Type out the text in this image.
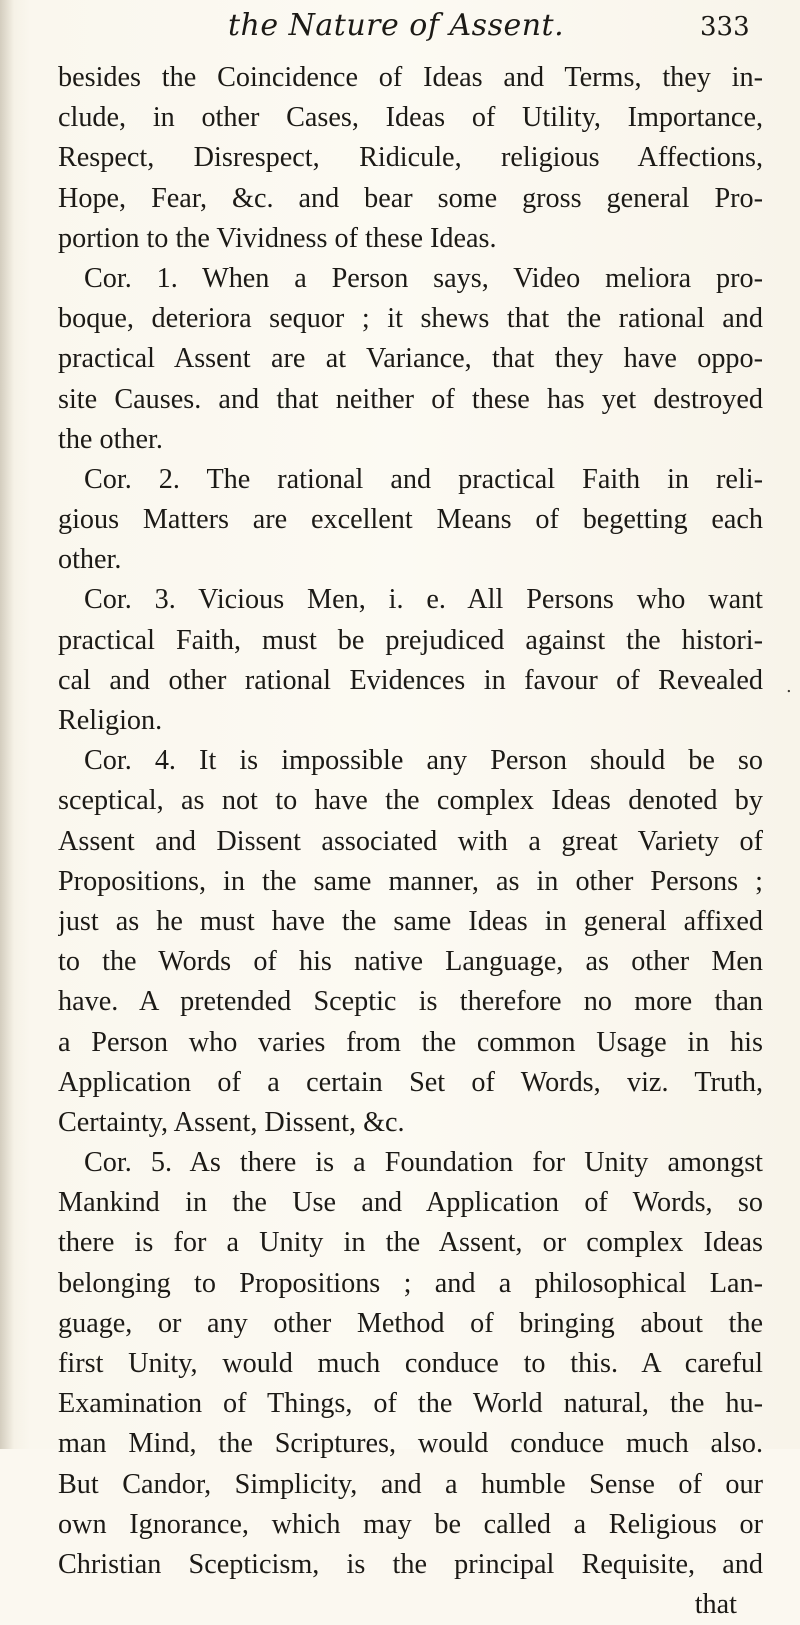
the Nature of Assent.	333
besides the Coincidence of Ideas and Terms, they in-
clude, in other Cases, Ideas of Utility, Importance,
Respect, Disrespect, Ridicule, religious Affections,
Hope, Fear, &c. and bear some gross general Pro-
portion to the Vividness of these Ideas.
Cor. 1. When a Person says, Video meliora pro-
boque, deteriora sequor ; it shews that the rational and
practical Assent are at Variance, that they have oppo-
site Causes. and that neither of these has yet destroyed
the other.
Cor. 2. The rational and practical Faith in reli-
gious Matters are excellent Means of begetting each
other.
Cor. 3. Vicious Men, i. e. All Persons who want
practical Faith, must be prejudiced against the histori-
cal and other rational Evidences in favour of Revealed
Religion.
Cor. 4. It is impossible any Person should be so
sceptical, as not to have the complex Ideas denoted by
Assent and Dissent associated with a great Variety of
Propositions, in the same manner, as in other Persons ;
just as he must have the same Ideas in general affixed
to the Words of his native Language, as other Men
have. A pretended Sceptic is therefore no more than
a Person who varies from the common Usage in his
Application of a certain Set of Words, viz. Truth,
Certainty, Assent, Dissent, &c.
Cor. 5. As there is a Foundation for Unity amongst
Mankind in the Use and Application of Words, so
there is for a Unity in the Assent, or complex Ideas
belonging to Propositions ; and a philosophical Lan-
guage, or any other Method of bringing about the
first Unity, would much conduce to this. A careful
Examination of Things, of the World natural, the hu-
man Mind, the Scriptures, would conduce much also.
But Candor, Simplicity, and a humble Sense of our
own Ignorance, which may be called a Religious or
Christian Scepticism, is the principal Requisite, and
that
.
